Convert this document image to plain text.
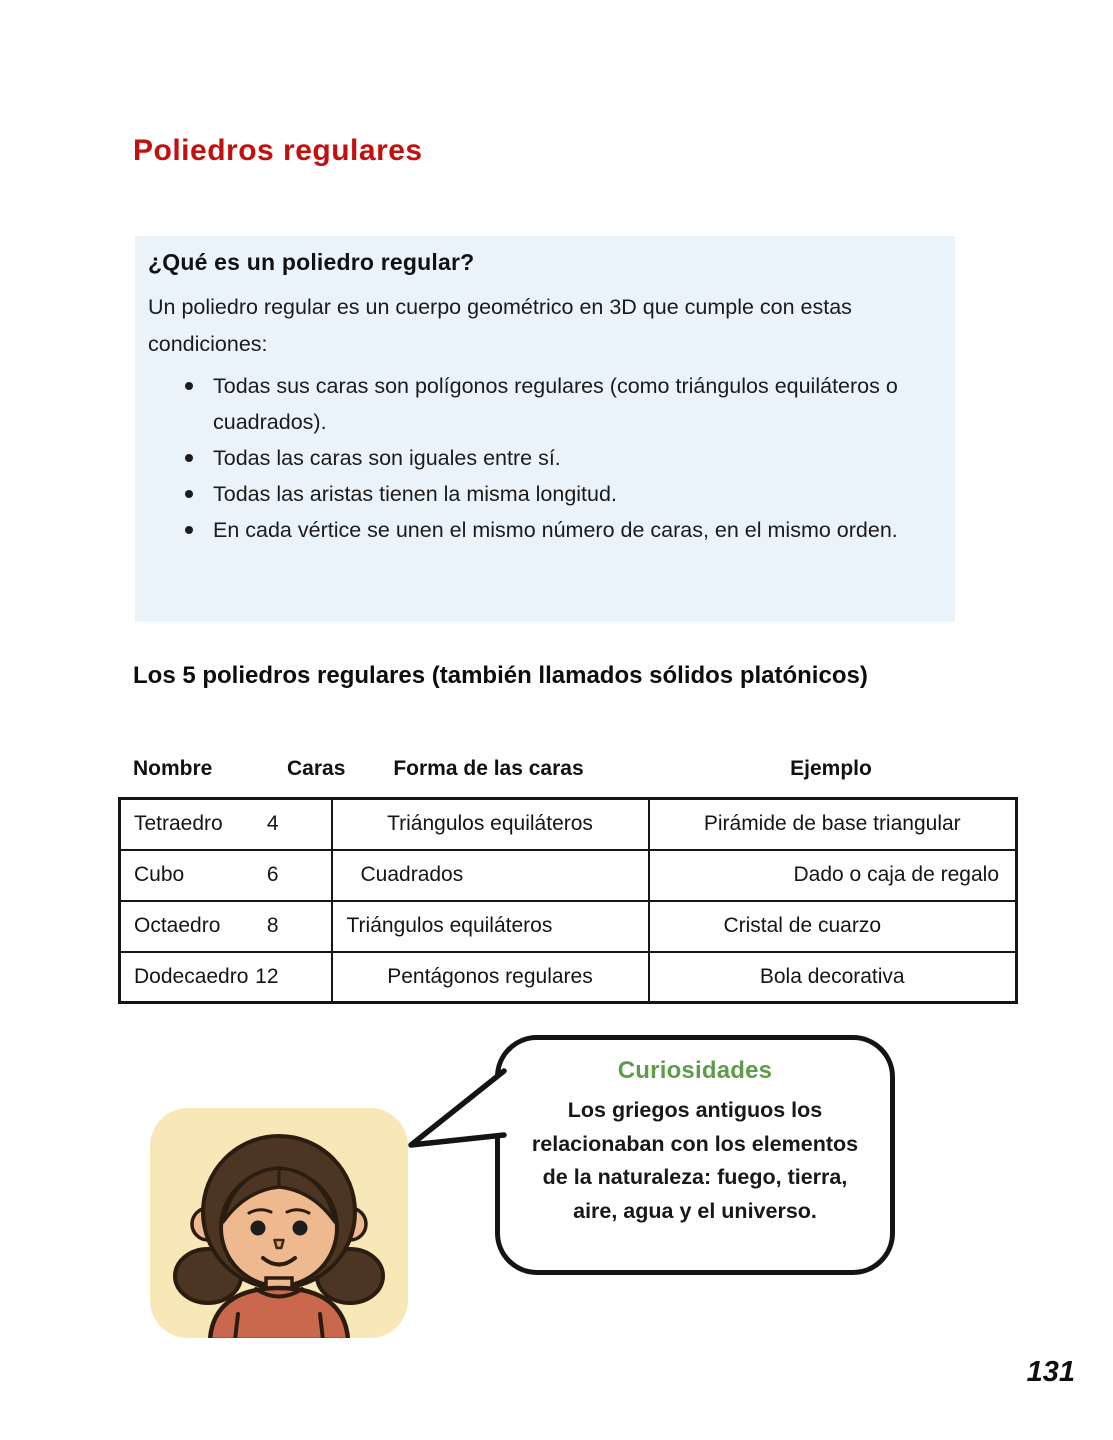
Poliedros regulares
¿Qué es un poliedro regular?

Un poliedro regular es un cuerpo geométrico en 3D que cumple con estas condiciones:

Todas sus caras son polígonos regulares (como triángulos equiláteros o cuadrados).
Todas las caras son iguales entre sí.
Todas las aristas tienen la misma longitud.
En cada vértice se unen el mismo número de caras, en el mismo orden.
Los 5 poliedros regulares (también llamados sólidos platónicos)
Nombre	Caras	Forma de las caras	Ejemplo
Tetraedro 4	Triángulos equiláteros	Pirámide de base triangular

Cubo 6	Cuadrados	Dado o caja de regalo

Octaedro 8	Triángulos equiláteros	Cristal de cuarzo

Dodecaedro 12	Pentágonos regulares	Bola decorativa
Curiosidades

Los griegos antiguos los relacionaban con los elementos de la naturaleza: fuego, tierra, aire, agua y el universo.

131
